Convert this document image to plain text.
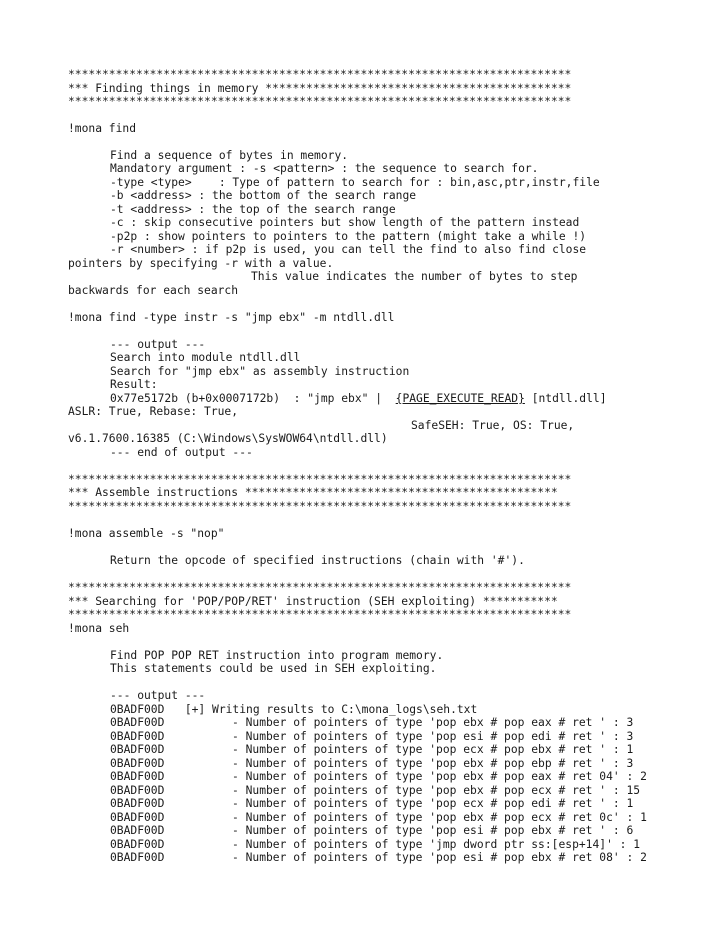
**************************************************************************
*** Finding things in memory *********************************************
**************************************************************************
!mona find
Find a sequence of bytes in memory.
Mandatory argument : -s <pattern> : the sequence to search for.
-type <type>    : Type of pattern to search for : bin,asc,ptr,instr,file
-b <address> : the bottom of the search range
-t <address> : the top of the search range
-c : skip consecutive pointers but show length of the pattern instead
-p2p : show pointers to pointers to the pattern (might take a while !)
-r <number> : if p2p is used, you can tell the find to also find close
pointers by specifying -r with a value.
This value indicates the number of bytes to step
backwards for each search
!mona find -type instr -s "jmp ebx" -m ntdll.dll
--- output ---
Search into module ntdll.dll
Search for "jmp ebx" as assembly instruction
Result:
0x77e5172b (b+0x0007172b)  : "jmp ebx" |  {PAGE_EXECUTE_READ} [ntdll.dll]
ASLR: True, Rebase: True,
SafeSEH: True, OS: True,
v6.1.7600.16385 (C:\Windows\SysWOW64\ntdll.dll)
--- end of output ---
**************************************************************************
*** Assemble instructions **********************************************
**************************************************************************
!mona assemble -s "nop"
Return the opcode of specified instructions (chain with '#').
**************************************************************************
*** Searching for 'POP/POP/RET' instruction (SEH exploiting) ***********
**************************************************************************
!mona seh
Find POP POP RET instruction into program memory.
This statements could be used in SEH exploiting.
--- output ---
0BADF00D   [+] Writing results to C:\mona_logs\seh.txt
0BADF00D	- Number of pointers of type 'pop ebx # pop eax # ret ' : 3
0BADF00D	- Number of pointers of type 'pop esi # pop edi # ret ' : 3
0BADF00D	- Number of pointers of type 'pop ecx # pop ebx # ret ' : 1
0BADF00D	- Number of pointers of type 'pop ebx # pop ebp # ret ' : 3
0BADF00D	- Number of pointers of type 'pop ebx # pop eax # ret 04' : 2
0BADF00D	- Number of pointers of type 'pop ebx # pop ecx # ret ' : 15
0BADF00D	- Number of pointers of type 'pop ecx # pop edi # ret ' : 1
0BADF00D	- Number of pointers of type 'pop ebx # pop ecx # ret 0c' : 1
0BADF00D	- Number of pointers of type 'pop esi # pop ebx # ret ' : 6
0BADF00D	- Number of pointers of type 'jmp dword ptr ss:[esp+14]' : 1
0BADF00D	- Number of pointers of type 'pop esi # pop ebx # ret 08' : 2
